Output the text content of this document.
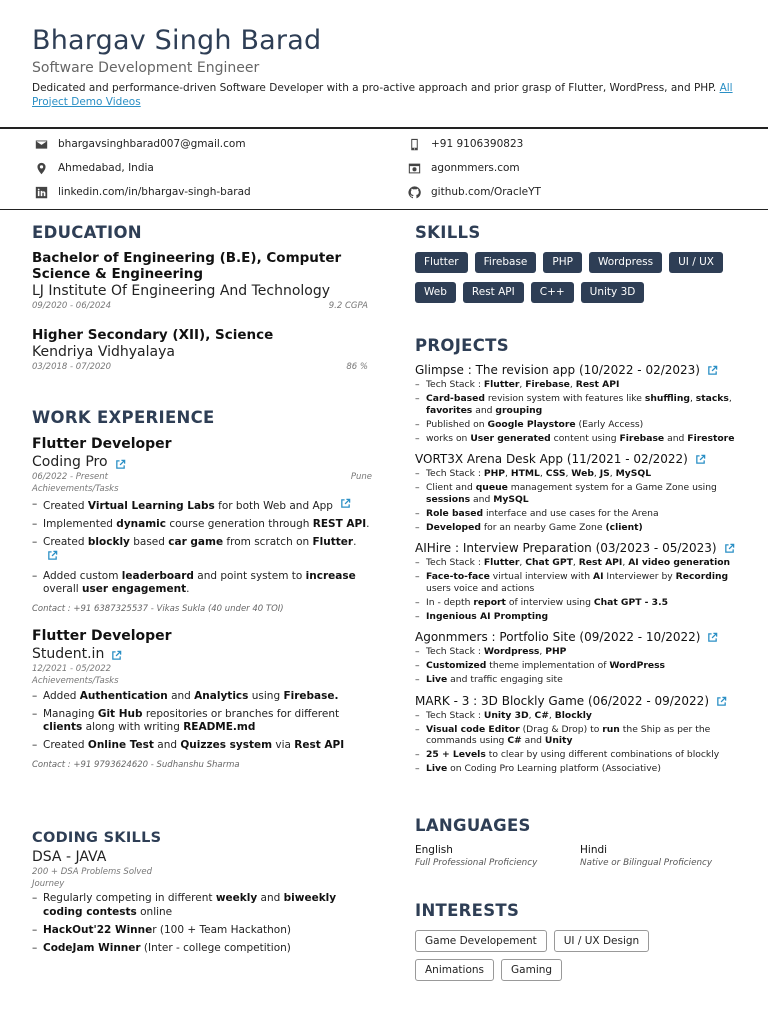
Bhargav Singh Barad
Software Development Engineer
Dedicated and performance-driven Software Developer with a pro-active approach and prior grasp of Flutter, WordPress, and PHP. All Project Demo Videos
bhargavsinghbarad007@gmail.com
Ahmedabad, India
linkedin.com/in/bhargav-singh-barad
+91 9106390823
agonmmers.com
github.com/OracleYT
EDUCATION
Bachelor of Engineering (B.E), Computer Science & Engineering
LJ Institute Of Engineering And Technology
09/2020 - 06/2024	9.2 CGPA
Higher Secondary (XII), Science
Kendriya Vidhyalaya
03/2018 - 07/2020	86 %
WORK EXPERIENCE
Flutter Developer
Coding Pro
06/2022 - Present	Pune
Achievements/Tasks
– Created Virtual Learning Labs for both Web and App
– Implemented dynamic course generation through REST API.
– Created blockly based car game from scratch on Flutter.
– Added custom leaderboard and point system to increase overall user engagement.
Contact : +91 6387325537 - Vikas Sukla (40 under 40 TOI)
Flutter Developer
Student.in
12/2021 - 05/2022
Achievements/Tasks
– Added Authentication and Analytics using Firebase.
– Managing Git Hub repositories or branches for different clients along with writing README.md
– Created Online Test and Quizzes system via Rest API
Contact : +91 9793624620 - Sudhanshu Sharma
CODING SKILLS
DSA - JAVA
200 + DSA Problems Solved
Journey
– Regularly competing in different weekly and biweekly coding contests online
– HackOut'22 Winner (100 + Team Hackathon)
– CodeJam Winner (Inter - college competition)
SKILLS
Flutter	Firebase	PHP	Wordpress	UI / UX
Web	Rest API	C++	Unity 3D
PROJECTS
Glimpse : The revision app (10/2022 - 02/2023)
– Tech Stack : Flutter, Firebase, Rest API
– Card-based revision system with features like shuffling, stacks, favorites and grouping
– Published on Google Playstore (Early Access)
– works on User generated content using Firebase and Firestore
VORT3X Arena Desk App (11/2021 - 02/2022)
– Tech Stack : PHP, HTML, CSS, Web, JS, MySQL
– Client and queue management system for a Game Zone using sessions and MySQL
– Role based interface and use cases for the Arena
– Developed for an nearby Game Zone (client)
AIHire : Interview Preparation (03/2023 - 05/2023)
– Tech Stack : Flutter, Chat GPT, Rest API, AI video generation
– Face-to-face virtual interview with AI Interviewer by Recording users voice and actions
– In - depth report of interview using Chat GPT - 3.5
– Ingenious AI Prompting
Agonmmers : Portfolio Site (09/2022 - 10/2022)
– Tech Stack : Wordpress, PHP
– Customized theme implementation of WordPress
– Live and traffic engaging site
MARK - 3 : 3D Blockly Game (06/2022 - 09/2022)
– Tech Stack : Unity 3D, C#, Blockly
– Visual code Editor (Drag & Drop) to run the Ship as per the commands using C# and Unity
– 25 + Levels to clear by using different combinations of blockly
– Live on Coding Pro Learning platform (Associative)
LANGUAGES
English
Full Professional Proficiency
Hindi
Native or Bilingual Proficiency
INTERESTS
Game Developement	UI / UX Design
Animations	Gaming
